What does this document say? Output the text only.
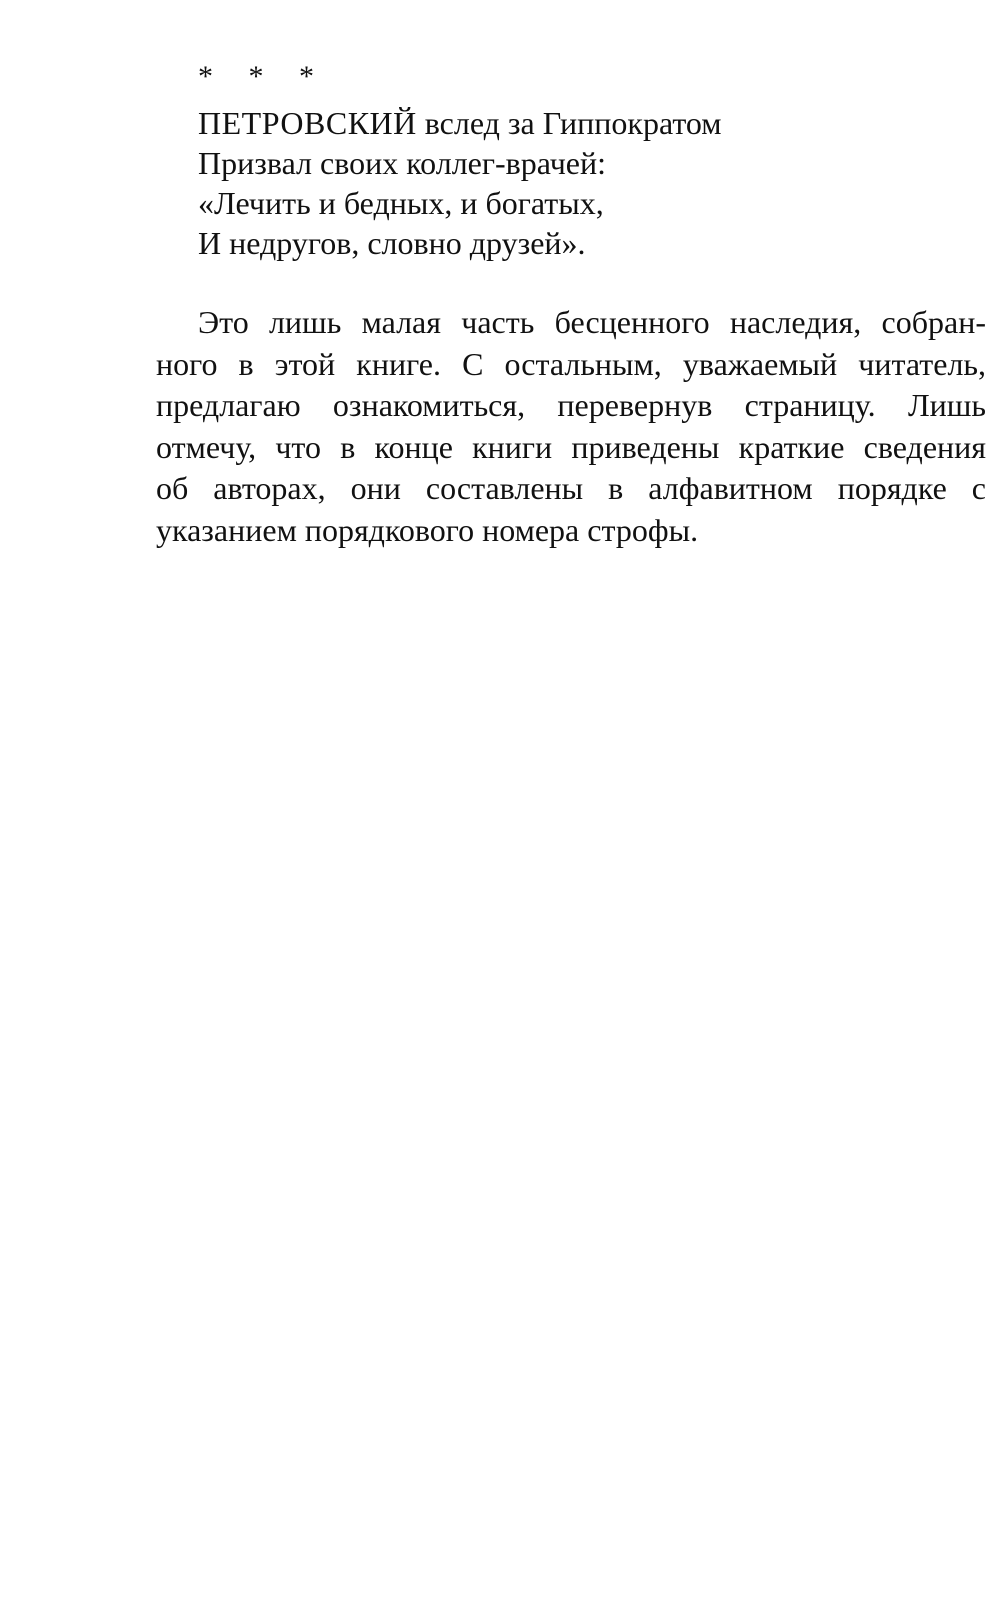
* * *
ПЕТРОВСКИЙ вслед за Гиппократом
Призвал своих коллег-врачей:
«Лечить и бедных, и богатых,
И недругов, словно друзей».
Это лишь малая часть бесценного наследия, собран-
ного в этой книге. С остальным, уважаемый читатель,
предлагаю ознакомиться, перевернув страницу. Лишь
отмечу, что в конце книги приведены краткие сведения
об авторах, они составлены в алфавитном порядке с
указанием порядкового номера строфы.
